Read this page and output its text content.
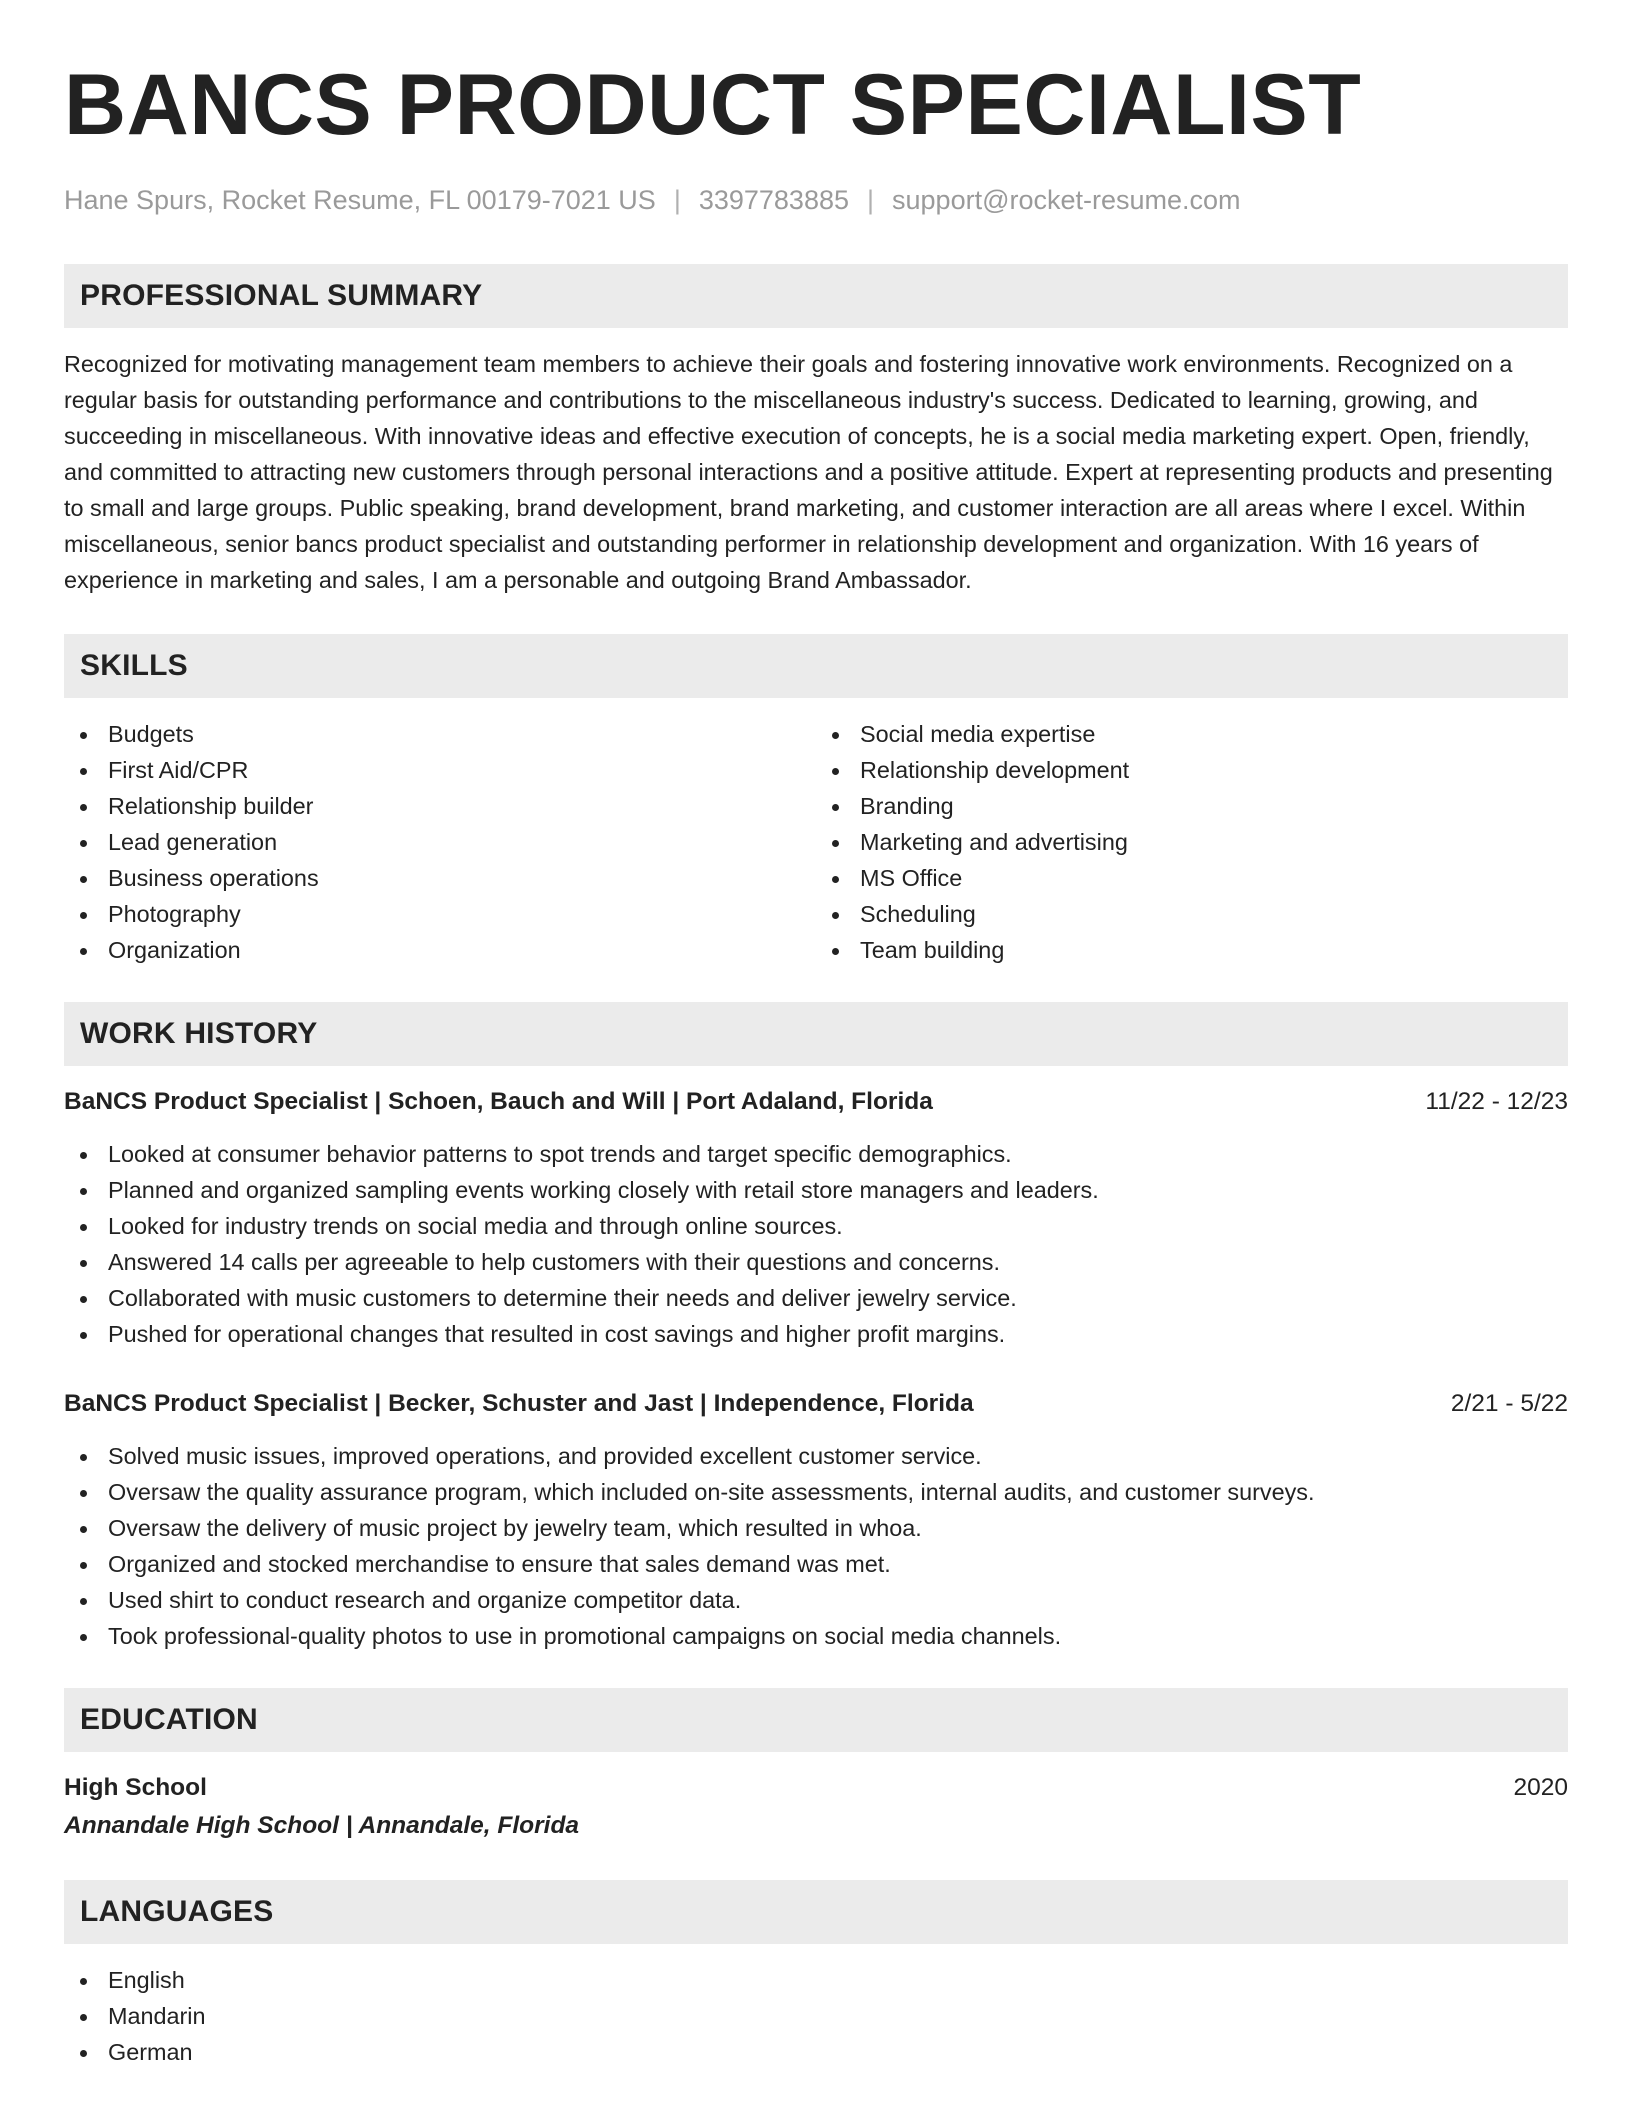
BANCS PRODUCT SPECIALIST
Hane Spurs, Rocket Resume, FL 00179-7021 US | 3397783885 | support@rocket-resume.com
PROFESSIONAL SUMMARY

Recognized for motivating management team members to achieve their goals and fostering innovative work environments. Recognized on a regular basis for outstanding performance and contributions to the miscellaneous industry's success. Dedicated to learning, growing, and succeeding in miscellaneous. With innovative ideas and effective execution of concepts, he is a social media marketing expert. Open, friendly, and committed to attracting new customers through personal interactions and a positive attitude. Expert at representing products and presenting to small and large groups. Public speaking, brand development, brand marketing, and customer interaction are all areas where I excel. Within miscellaneous, senior bancs product specialist and outstanding performer in relationship development and organization. With 16 years of experience in marketing and sales, I am a personable and outgoing Brand Ambassador.

SKILLS
Budgets
First Aid/CPR
Relationship builder
Lead generation
Business operations
Photography
Organization
Social media expertise
Relationship development
Branding
Marketing and advertising
MS Office
Scheduling
Team building
WORK HISTORY
BaNCS Product Specialist | Schoen, Bauch and Will | Port Adaland, Florida	11/22 - 12/23
Looked at consumer behavior patterns to spot trends and target specific demographics.
Planned and organized sampling events working closely with retail store managers and leaders.
Looked for industry trends on social media and through online sources.
Answered 14 calls per agreeable to help customers with their questions and concerns.
Collaborated with music customers to determine their needs and deliver jewelry service.
Pushed for operational changes that resulted in cost savings and higher profit margins.
BaNCS Product Specialist | Becker, Schuster and Jast | Independence, Florida	2/21 - 5/22
Solved music issues, improved operations, and provided excellent customer service.
Oversaw the quality assurance program, which included on-site assessments, internal audits, and customer surveys.
Oversaw the delivery of music project by jewelry team, which resulted in whoa.
Organized and stocked merchandise to ensure that sales demand was met.
Used shirt to conduct research and organize competitor data.
Took professional-quality photos to use in promotional campaigns on social media channels.
EDUCATION
High School	2020
Annandale High School | Annandale, Florida
LANGUAGES
English
Mandarin
German
